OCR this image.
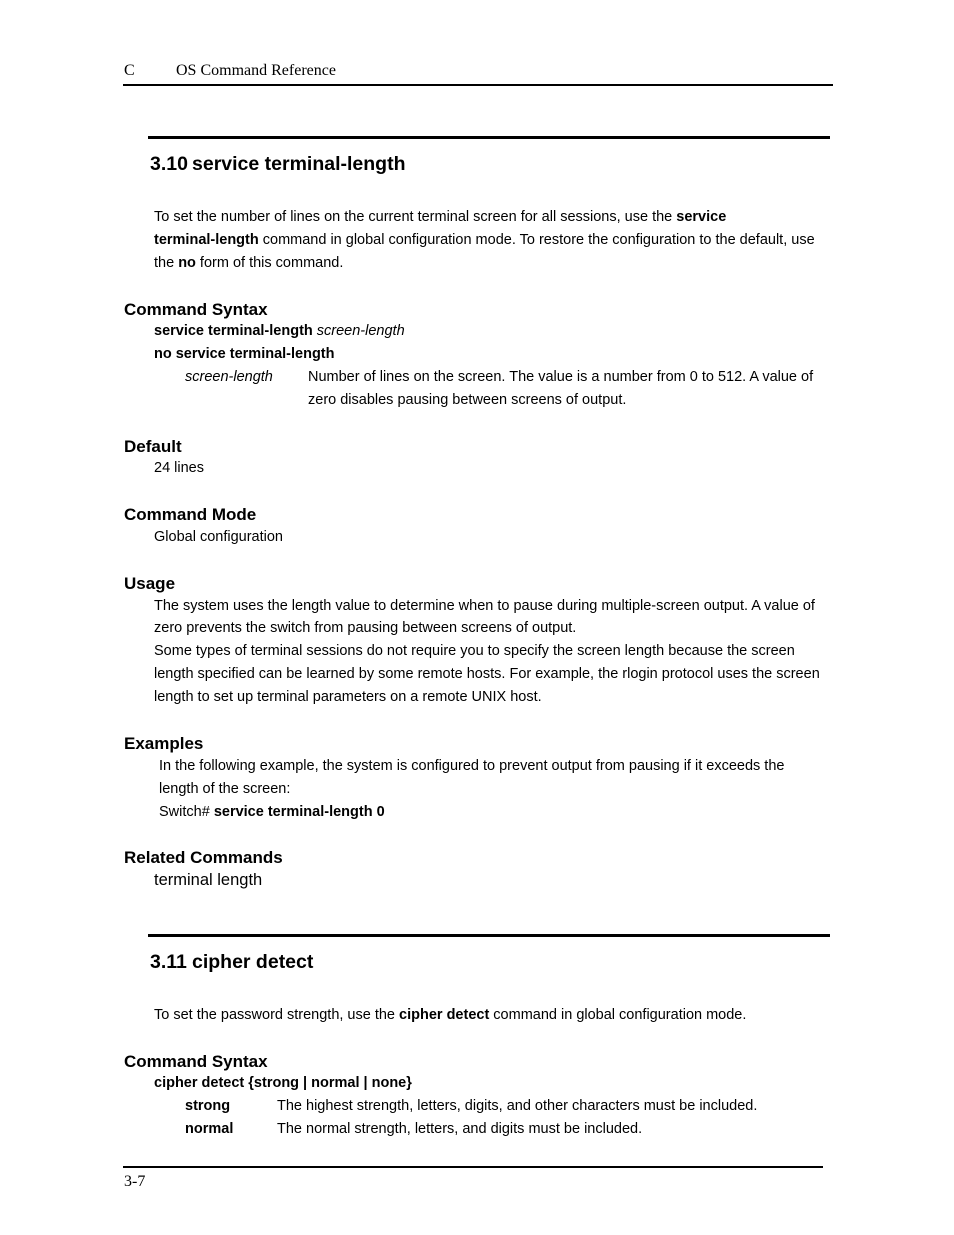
C	OS Command Reference
3.10 service terminal-length
To set the number of lines on the current terminal screen for all sessions, use the service
terminal-length command in global configuration mode. To restore the configuration to the default, use
the no form of this command.
Command Syntax
service terminal-length screen-length
no service terminal-length
screen-length Number of lines on the screen. The value is a number from 0 to 512. A value of
zero disables pausing between screens of output.
Default
24 lines
Command Mode
Global configuration
Usage
The system uses the length value to determine when to pause during multiple-screen output. A value of
zero prevents the switch from pausing between screens of output.
Some types of terminal sessions do not require you to specify the screen length because the screen
length specified can be learned by some remote hosts. For example, the rlogin protocol uses the screen
length to set up terminal parameters on a remote UNIX host.
Examples
In the following example, the system is configured to prevent output from pausing if it exceeds the
length of the screen:
Switch# service terminal-length 0
Related Commands
terminal length
3.11 cipher detect
To set the password strength, use the cipher detect command in global configuration mode.
Command Syntax
cipher detect {strong | normal | none}
strong	The highest strength, letters, digits, and other characters must be included.
normal	The normal strength, letters, and digits must be included.
3-7
